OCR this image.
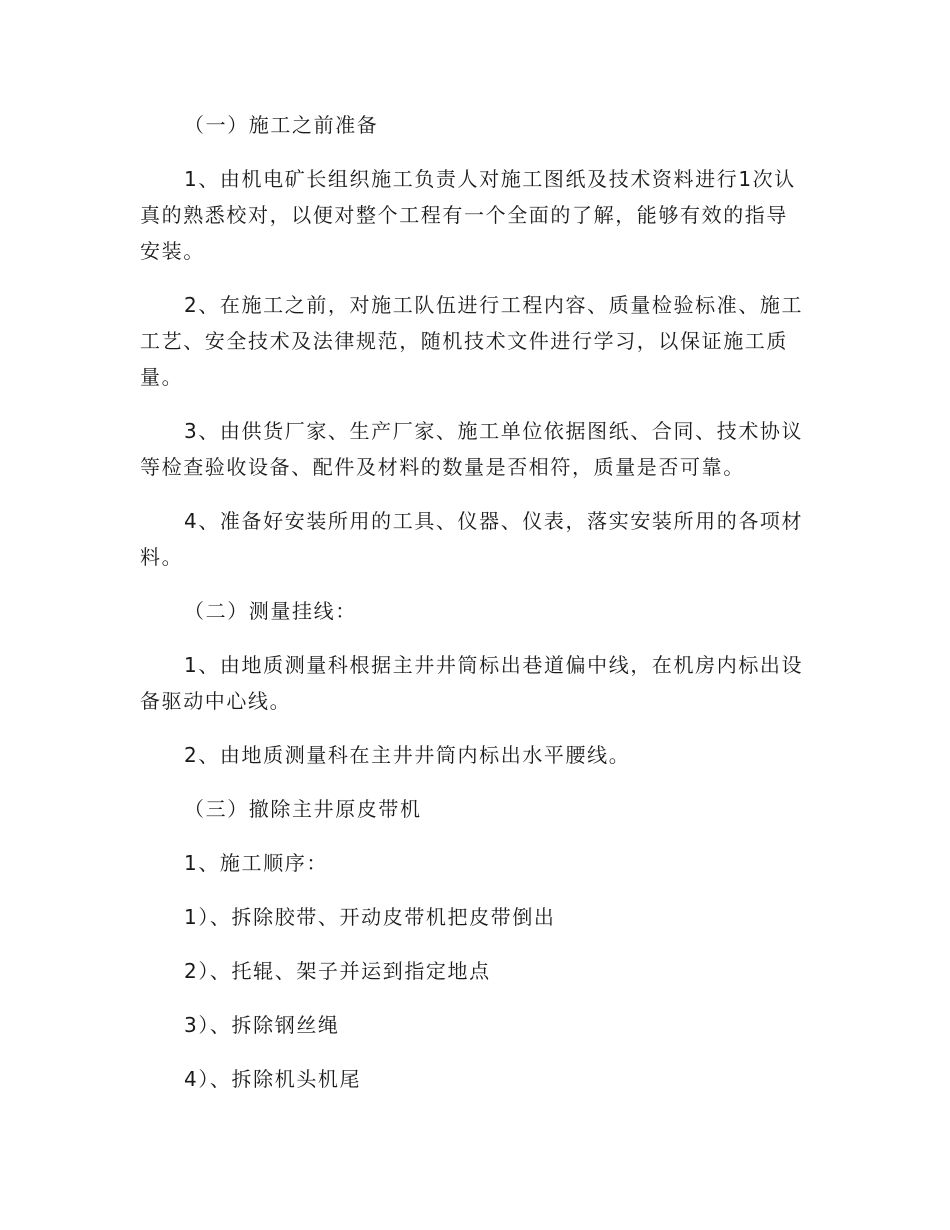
（一）施工之前准备

1、由机电矿长组织施工负责人对施工图纸及技术资料进行1次认真的熟悉校对，以便对整个工程有一个全面的了解，能够有效的指导安装。

2、在施工之前，对施工队伍进行工程内容、质量检验标准、施工工艺、安全技术及法律规范，随机技术文件进行学习，以保证施工质量。

3、由供货厂家、生产厂家、施工单位依据图纸、合同、技术协议等检查验收设备、配件及材料的数量是否相符，质量是否可靠。

4、准备好安装所用的工具、仪器、仪表，落实安装所用的各项材料。

（二）测量挂线：

1、由地质测量科根据主井井筒标出巷道偏中线，在机房内标出设备驱动中心线。

2、由地质测量科在主井井筒内标出水平腰线。

（三）撤除主井原皮带机

1、施工顺序：

1）、拆除胶带、开动皮带机把皮带倒出

2）、托辊、架子并运到指定地点

3）、拆除钢丝绳

4）、拆除机头机尾
